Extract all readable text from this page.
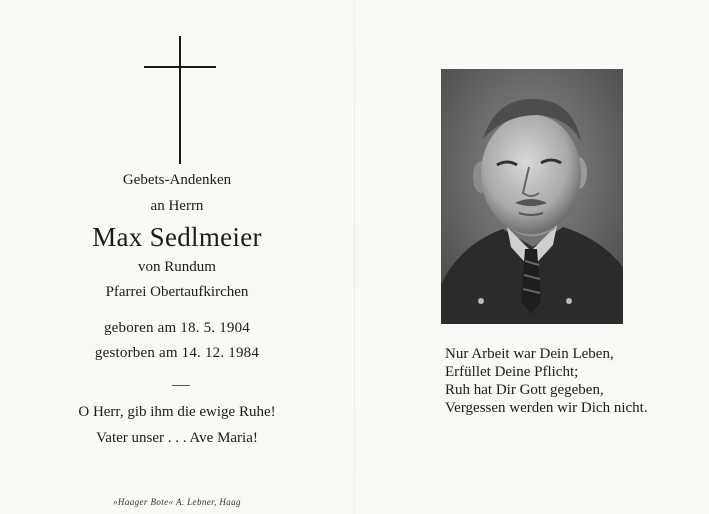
Gebets-Andenken
an Herrn
Max Sedlmeier
von Rundum
Pfarrei Obertaufkirchen
geboren am 18. 5. 1904
gestorben am 14. 12. 1984
O Herr, gib ihm die ewige Ruhe!
Vater unser . . . Ave Maria!
»Haager Bote« A. Lebner, Haag
Nur Arbeit war Dein Leben,
Erfüllet Deine Pflicht;
Ruh hat Dir Gott gegeben,
Vergessen werden wir Dich nicht.
